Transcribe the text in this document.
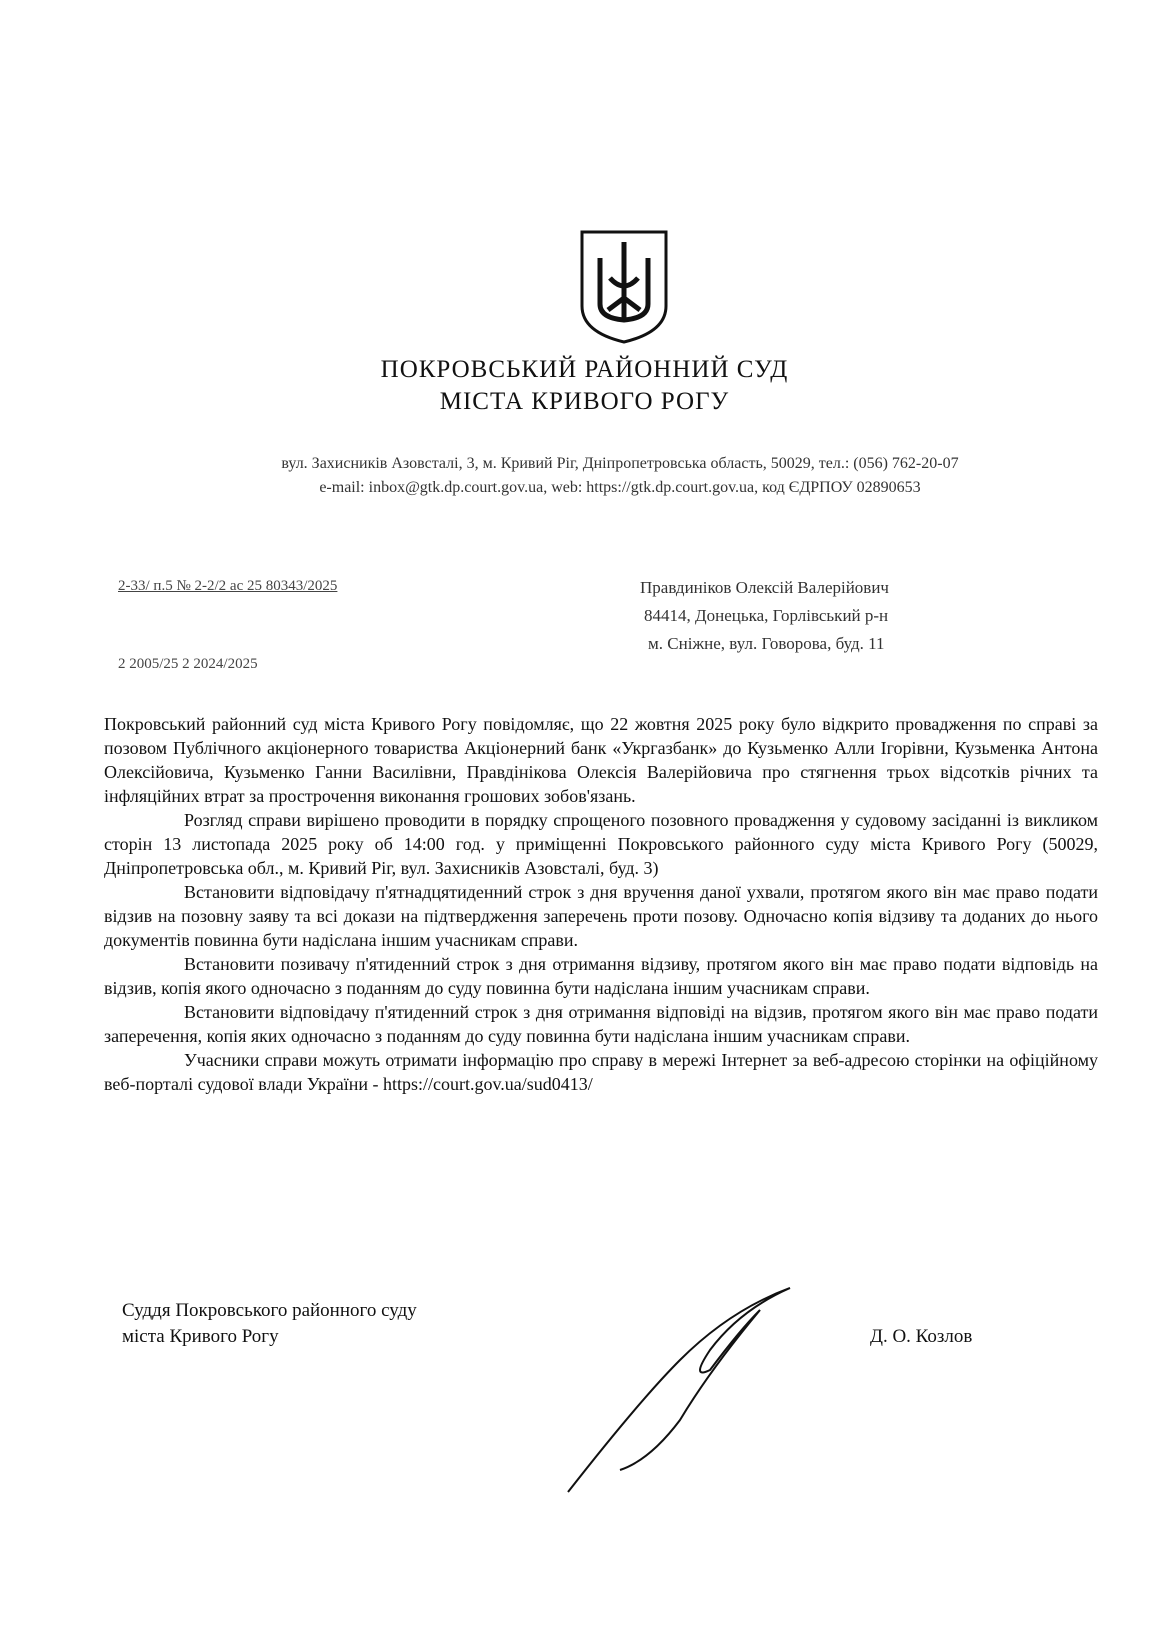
ПОКРОВСЬКИЙ РАЙОННИЙ СУД
МІСТА КРИВОГО РОГУ
вул. Захисників Азовсталі, 3, м. Кривий Ріг, Дніпропетровська область, 50029, тел.: (056) 762-20-07
e-mail: inbox@gtk.dp.court.gov.ua, web: https://gtk.dp.court.gov.ua, код ЄДРПОУ 02890653
2-33/ п.5 № 2-2/2 ас 25 80343/2025
2 2005/25 2 2024/2025
Правдиніков Олексій Валерійович
84414, Донецька, Горлівський р-н
м. Сніжне, вул. Говорова, буд. 11

Покровський районний суд міста Кривого Рогу повідомляє, що 22 жовтня 2025 року було відкрито провадження по справі за позовом Публічного акціонерного товариства Акціонерний банк «Укргазбанк» до Кузьменко Алли Ігорівни, Кузьменка Антона Олексійовича, Кузьменко Ганни Василівни, Правдінікова Олексія Валерійовича про стягнення трьох відсотків річних та інфляційних втрат за прострочення виконання грошових зобов'язань.

Розгляд справи вирішено проводити в порядку спрощеного позовного провадження у судовому засіданні із викликом сторін 13 листопада 2025 року об 14:00 год. у приміщенні Покровського районного суду міста Кривого Рогу (50029, Дніпропетровська обл., м. Кривий Ріг, вул. Захисників Азовсталі, буд. 3)

Встановити відповідачу п'ятнадцятиденний строк з дня вручення даної ухвали, протягом якого він має право подати відзив на позовну заяву та всі докази на підтвердження заперечень проти позову. Одночасно копія відзиву та доданих до нього документів повинна бути надіслана іншим учасникам справи.

Встановити позивачу п'ятиденний строк з дня отримання відзиву, протягом якого він має право подати відповідь на відзив, копія якого одночасно з поданням до суду повинна бути надіслана іншим учасникам справи.

Встановити відповідачу п'ятиденний строк з дня отримання відповіді на відзив, протягом якого він має право подати заперечення, копія яких одночасно з поданням до суду повинна бути надіслана іншим учасникам справи.

Учасники справи можуть отримати інформацію про справу в мережі Інтернет за веб-адресою сторінки на офіційному веб-порталі судової влади України - https://court.gov.ua/sud0413/

Суддя Покровського районного суду
міста Кривого Рогу	Д. О. Козлов
